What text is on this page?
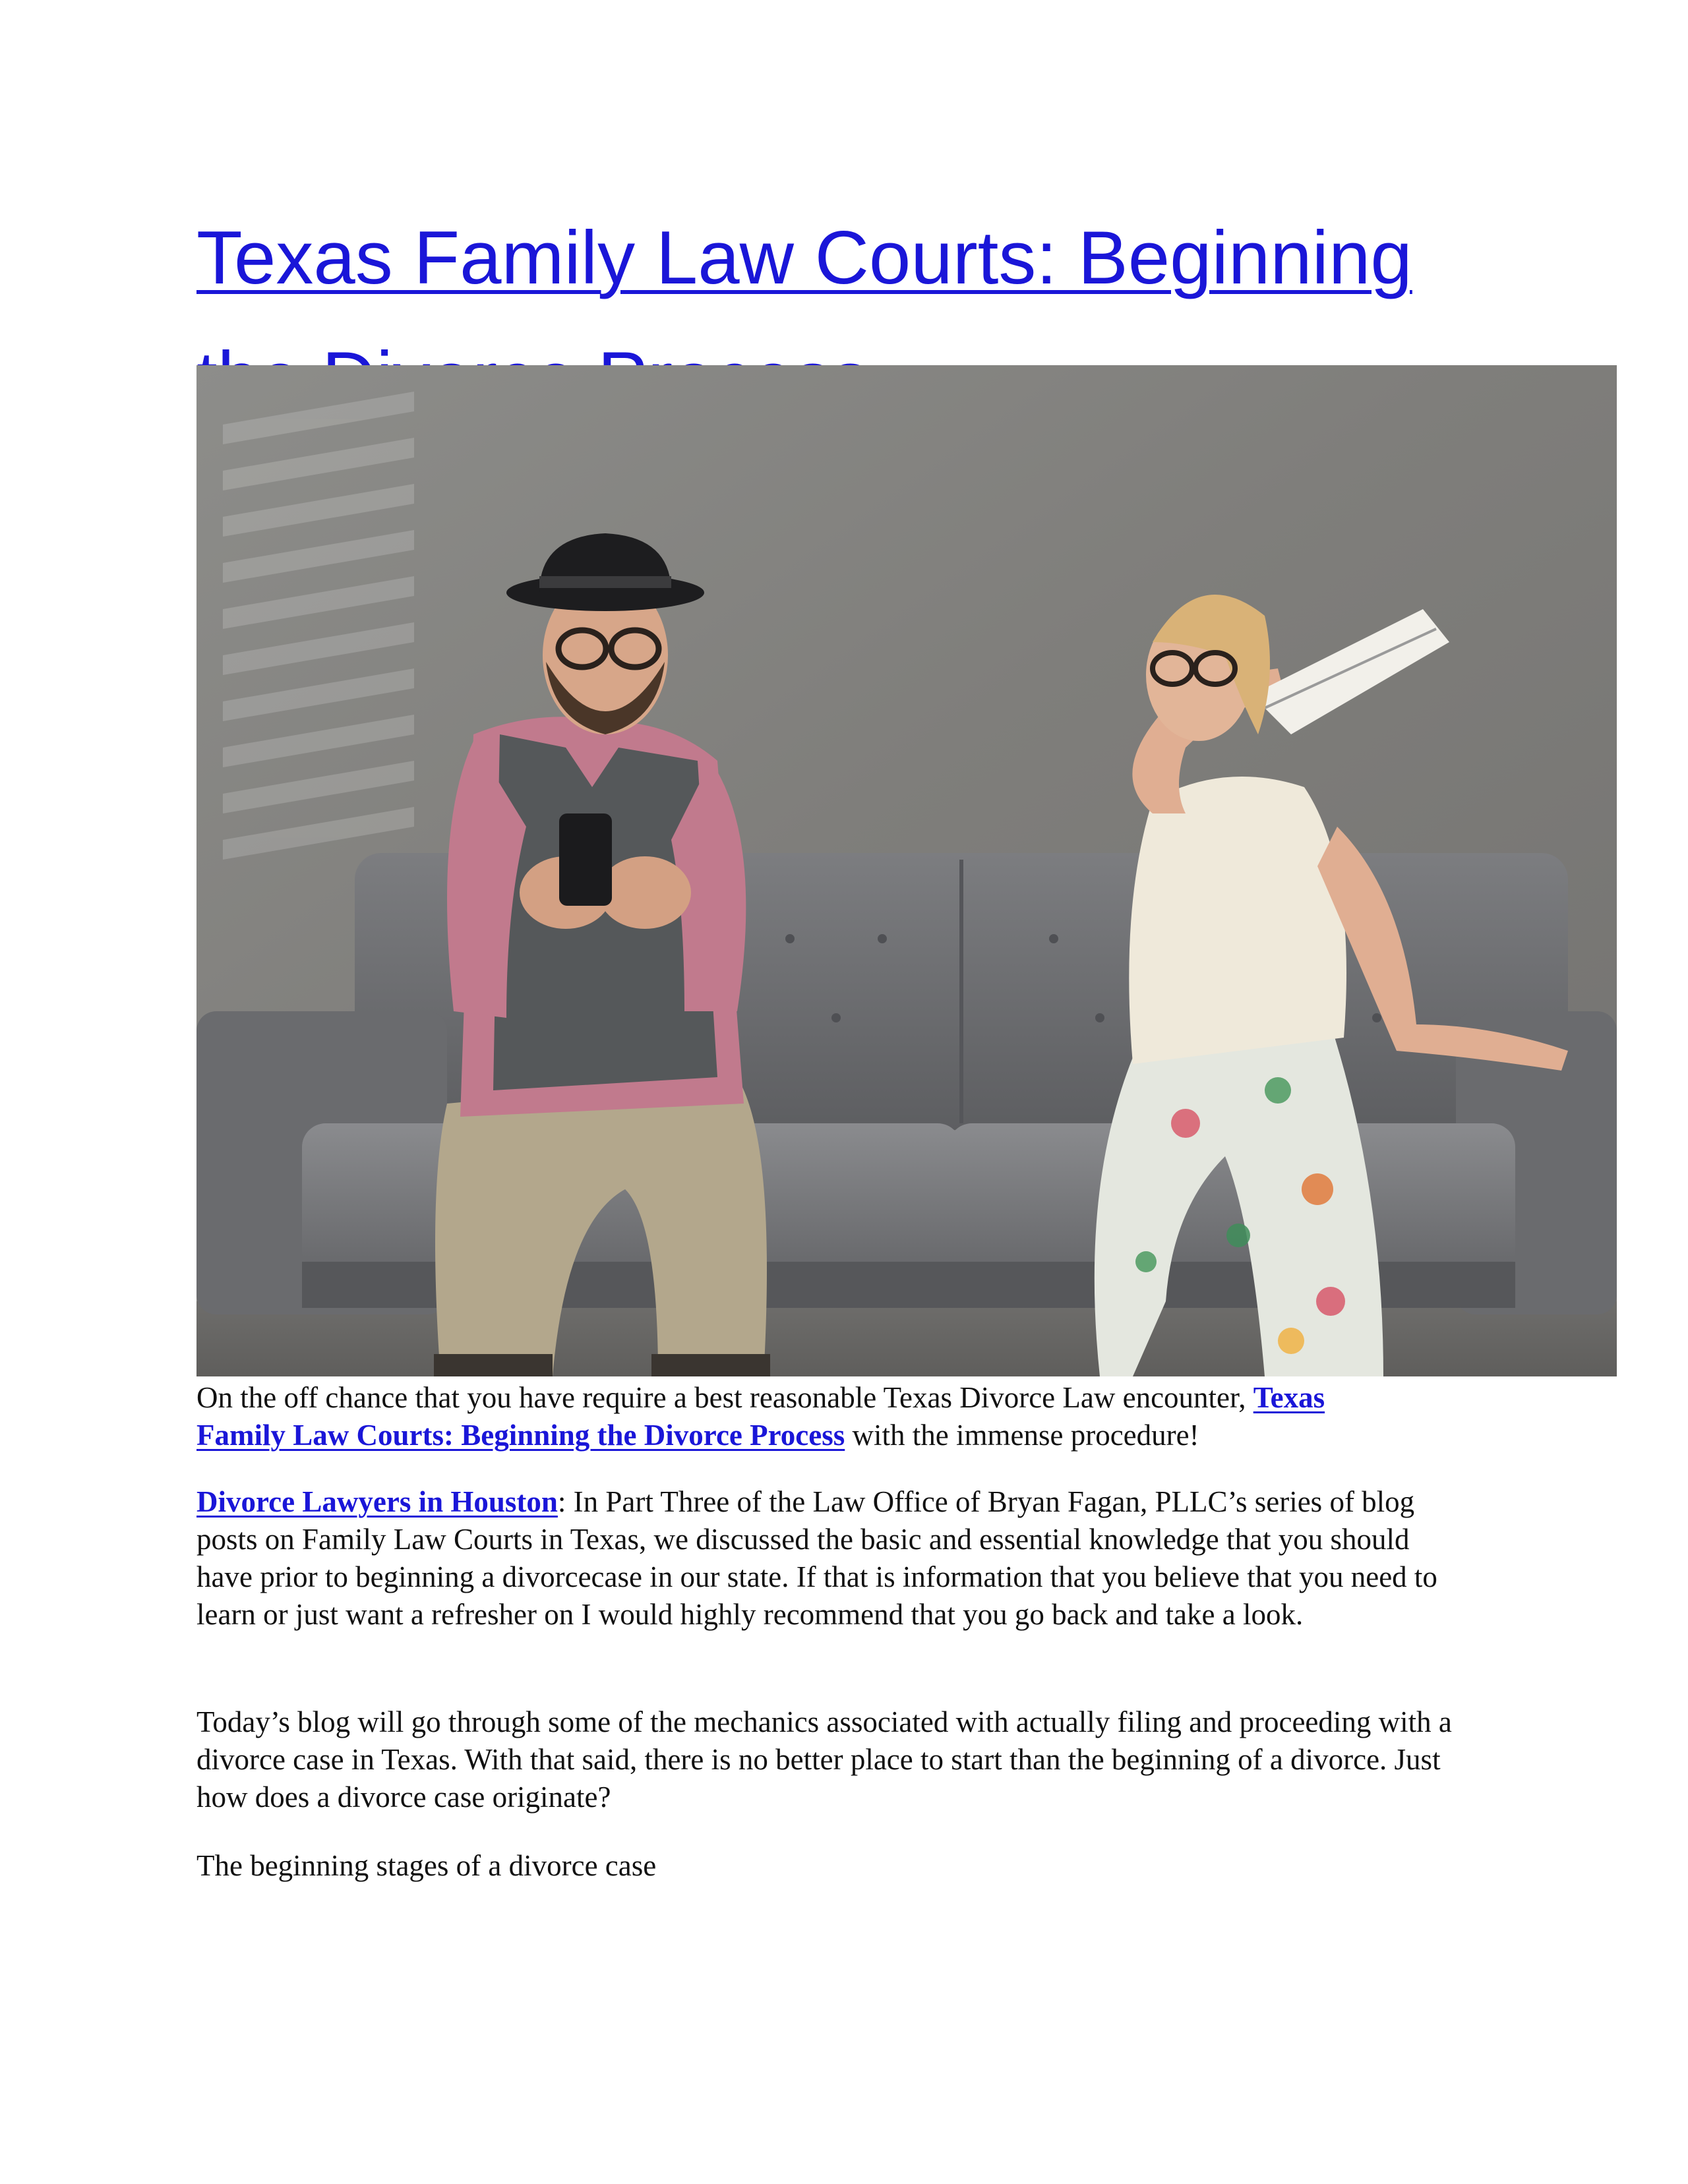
Texas Family Law Courts: Beginning

On the off chance that you have require a best reasonable Texas Divorce Law encounter, Texas
Family Law Courts: Beginning the Divorce Process with the immense procedure!

Divorce Lawyers in Houston: In Part Three of the Law Office of Bryan Fagan, PLLC’s series of blog posts on Family Law Courts in Texas, we discussed the basic and essential knowledge that you should have prior to beginning a divorcecase in our state. If that is information that you believe that you need to learn or just want a refresher on I would highly recommend that you go back and take a look.

Today’s blog will go through some of the mechanics associated with actually filing and proceeding with a divorce case in Texas. With that said, there is no better place to start than the beginning of a divorce. Just how does a divorce case originate?

The beginning stages of a divorce case
